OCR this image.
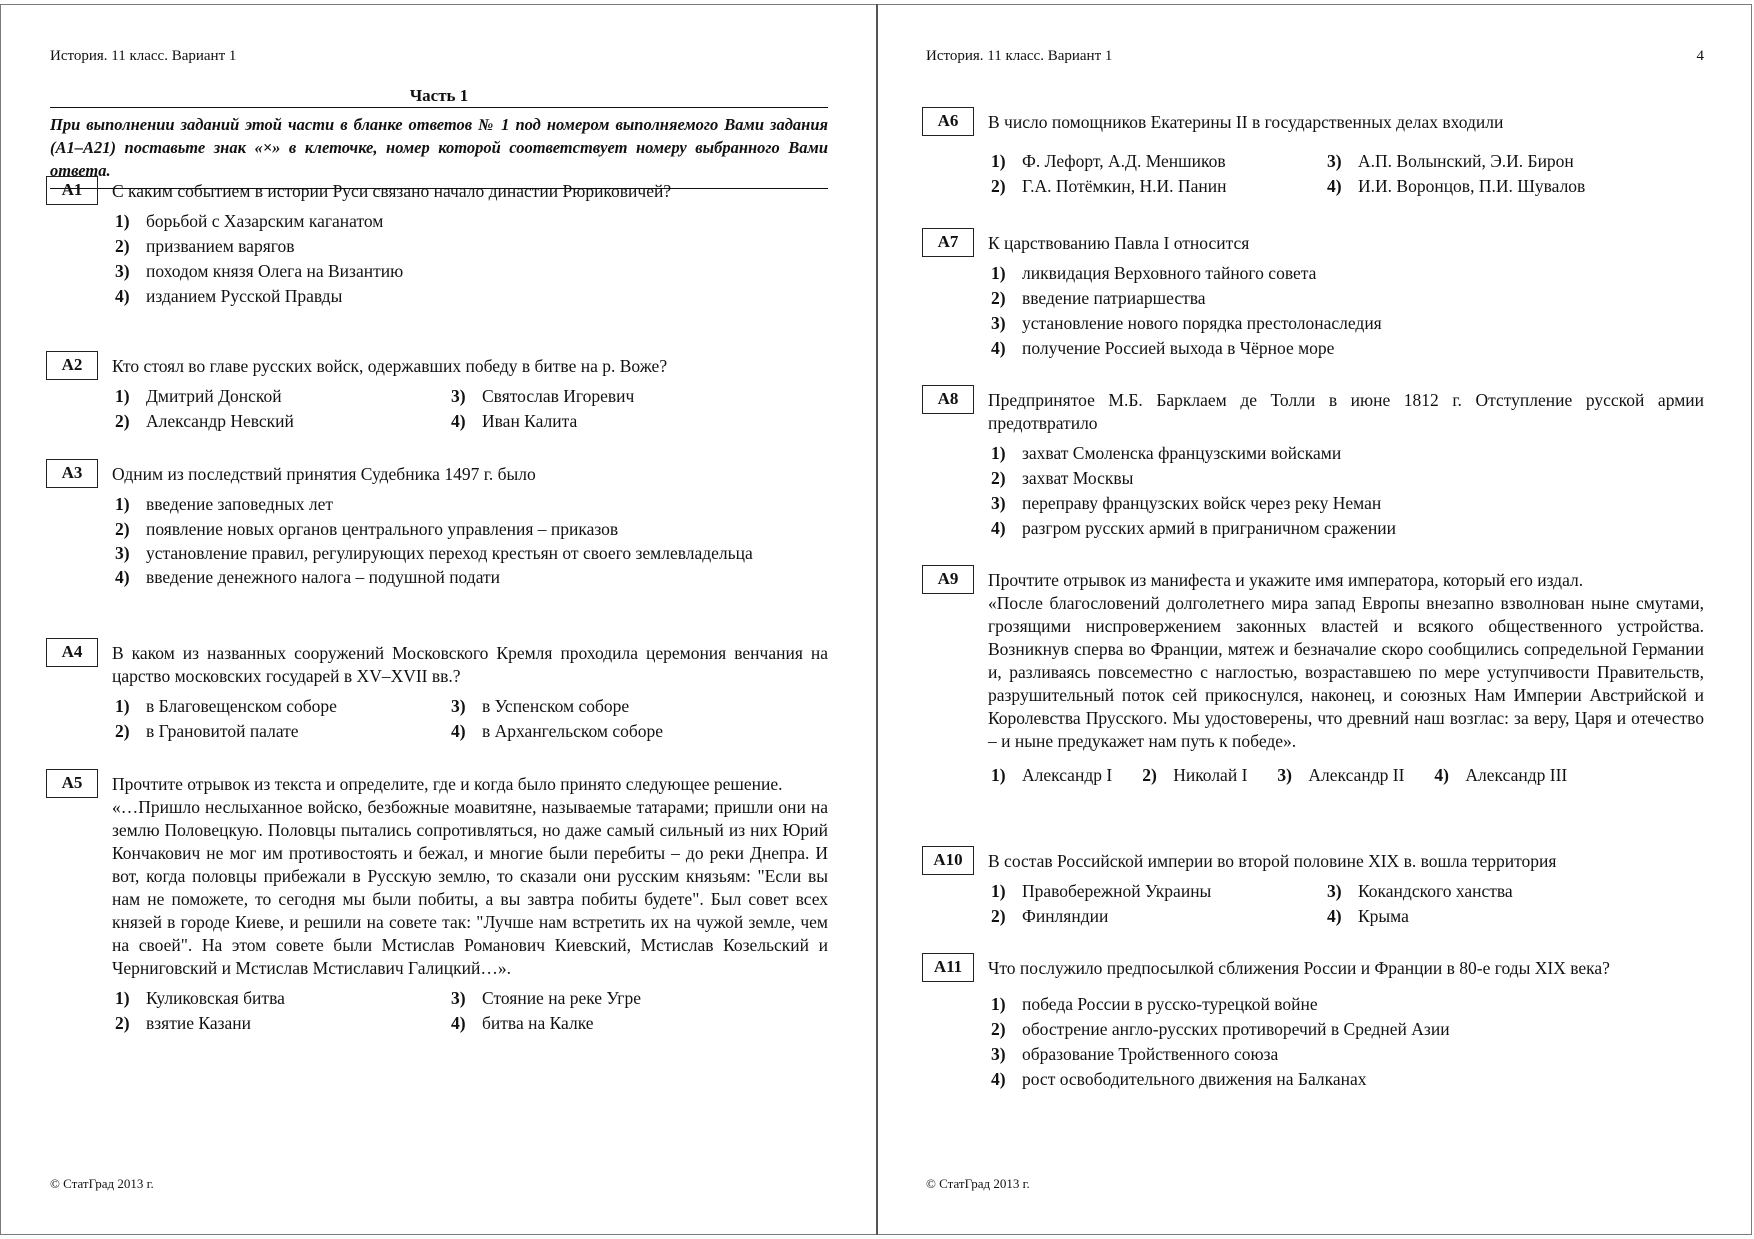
История. 11 класс. Вариант 1
Часть 1
При выполнении заданий этой части в бланке ответов № 1 под номером выполняемого Вами задания (А1–А21) поставьте знак «×» в клеточке, номер которой соответствует номеру выбранного Вами ответа.
А1	С каким событием в истории Руси связано начало династии Рюриковичей?
1) борьбой с Хазарским каганатом
2) призванием варягов
3) походом князя Олега на Византию
4) изданием Русской Правды
А2	Кто стоял во главе русских войск, одержавших победу в битве на р. Воже?
1) Дмитрий Донской
2) Александр Невский
3) Святослав Игоревич
4) Иван Калита
А3	Одним из последствий принятия Судебника 1497 г. было
1) введение заповедных лет
2) появление новых органов центрального управления – приказов
3) установление правил, регулирующих переход крестьян от своего землевладельца
4) введение денежного налога – подушной подати
А4	В каком из названных сооружений Московского Кремля проходила церемония венчания на царство московских государей в XV–XVII вв.?
1) в Благовещенском соборе
2) в Грановитой палате
3) в Успенском соборе
4) в Архангельском соборе
А5	Прочтите отрывок из текста и определите, где и когда было принято следующее решение.
«…Пришло неслыханное войско, безбожные моавитяне, называемые татарами; пришли они на землю Половецкую. Половцы пытались сопротивляться, но даже самый сильный из них Юрий Кончакович не мог им противостоять и бежал, и многие были перебиты – до реки Днепра. И вот, когда половцы прибежали в Русскую землю, то сказали они русским князьям: "Если вы нам не поможете, то сегодня мы были побиты, а вы завтра побиты будете". Был совет всех князей в городе Киеве, и решили на совете так: "Лучше нам встретить их на чужой земле, чем на своей". На этом совете были Мстислав Романович Киевский, Мстислав Козельский и Черниговский и Мстислав Мстиславич Галицкий…».
1) Куликовская битва
2) взятие Казани
3) Стояние на реке Угре
4) битва на Калке
© СтатГрад 2013 г.
История. 11 класс. Вариант 1	4
А6	В число помощников Екатерины II в государственных делах входили
1) Ф. Лефорт, А.Д. Меншиков
2) Г.А. Потёмкин, Н.И. Панин
3) А.П. Волынский, Э.И. Бирон
4) И.И. Воронцов, П.И. Шувалов
А7	К царствованию Павла I относится
1) ликвидация Верховного тайного совета
2) введение патриаршества
3) установление нового порядка престолонаследия
4) получение Россией выхода в Чёрное море
А8	Предпринятое М.Б. Барклаем де Толли в июне 1812 г. Отступление русской армии предотвратило
1) захват Смоленска французскими войсками
2) захват Москвы
3) переправу французских войск через реку Неман
4) разгром русских армий в приграничном сражении
А9	Прочтите отрывок из манифеста и укажите имя императора, который его издал.
«После благословений долголетнего мира запад Европы внезапно взволнован ныне смутами, грозящими ниспровержением законных властей и всякого общественного устройства. Возникнув сперва во Франции, мятеж и безначалие скоро сообщились сопредельной Германии и, разливаясь повсеместно с наглостью, возраставшею по мере уступчивости Правительств, разрушительный поток сей прикоснулся, наконец, и союзных Нам Империи Австрийской и Королевства Прусского. Мы удостоверены, что древний наш возглас: за веру, Царя и отечество – и ныне предукажет нам путь к победе».
1) Александр I 2) Николай I 3) Александр II 4) Александр III
А10	В состав Российской империи во второй половине XIX в. вошла территория
1) Правобережной Украины
2) Финляндии
3) Кокандского ханства
4) Крыма
А11	Что послужило предпосылкой сближения России и Франции в 80-е годы XIX века?
1) победа России в русско-турецкой войне
2) обострение англо-русских противоречий в Средней Азии
3) образование Тройственного союза
4) рост освободительного движения на Балканах
© СтатГрад 2013 г.
